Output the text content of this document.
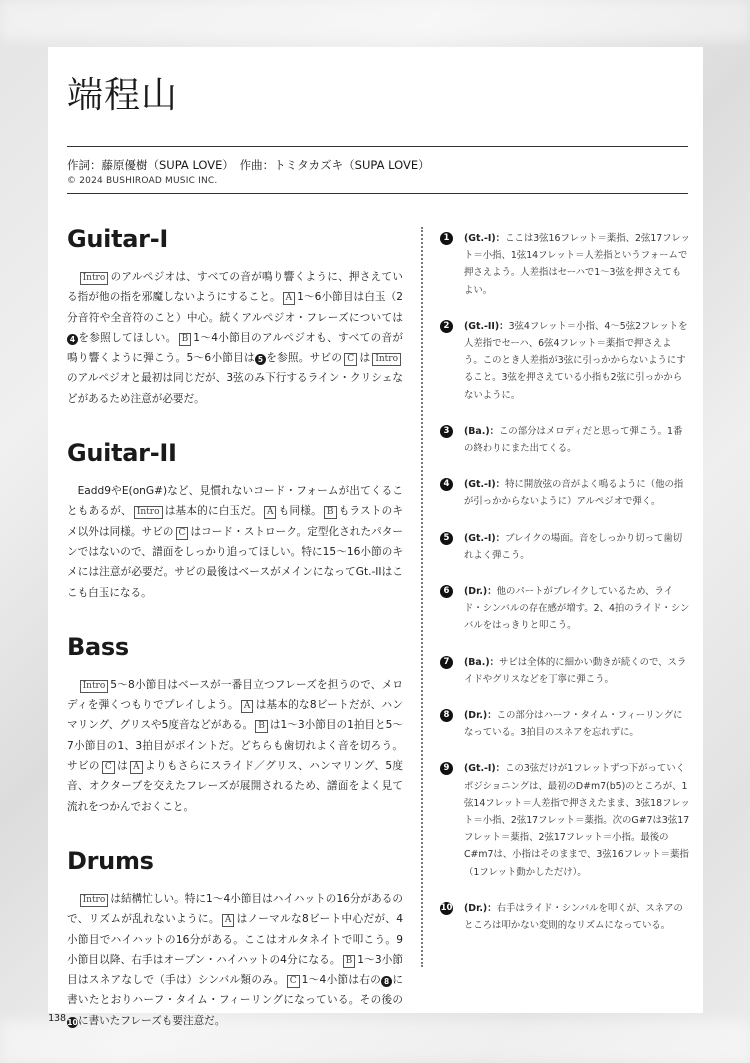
端程山
作詞：藤原優樹（SUPA LOVE）　作曲：トミタカズキ（SUPA LOVE）
© 2024 BUSHIROAD MUSIC INC.
Guitar-I

Intro のアルペジオは、すべての音が鳴り響くように、押さえている指が他の指を邪魔しないようにすること。 A 1～6小節目は白玉（2分音符や全音符のこと）中心。続くアルペジオ・フレーズについては4 を参照してほしい。 B 1～4小節目のアルペジオも、すべての音が鳴り響くように弾こう。5～6小節目は 5 を参照。サビの C は Introのアルペジオと最初は同じだが、3弦のみ下行するライン・クリシェなどがあるため注意が必要だ。

Guitar-II

Eadd9やE(onG#)など、見慣れないコード・フォームが出てくることもあるが、 Intro は基本的に白玉だ。 A も同様。 B もラストのキメ以外は同様。サビの C はコード・ストローク。定型化されたパターンではないので、譜面をしっかり追ってほしい。特に15～16小節のキメには注意が必要だ。サビの最後はベースがメインになってGt.-IIはここも白玉になる。

Bass

Intro 5～8小節目はベースが一番目立つフレーズを担うので、メロディを弾くつもりでプレイしよう。 A は基本的な8ビートだが、ハンマリング、グリスや5度音などがある。 B は1～3小節目の1拍目と5～7小節目の1、3拍目がポイントだ。どちらも歯切れよく音を切ろう。サビの C は A よりもさらにスライド／グリス、ハンマリング、5度音、オクターブを交えたフレーズが展開されるため、譜面をよく見て流れをつかんでおくこと。

Drums

Intro は結構忙しい。特に1～4小節目はハイハットの16分があるので、リズムが乱れないように。 A はノーマルな8ビート中心だが、4小節目でハイハットの16分がある。ここはオルタネイトで叩こう。9小節目以降、右手はオープン・ハイハットの4分になる。 B 1～3小節目はスネアなしで（手は）シンバル類のみ。 C 1～4小節は右の 8 に書いたとおりハーフ・タイム・フィーリングになっている。その後の10に書いたフレーズも要注意だ。

1	(Gt.-I)：ここは3弦16フレット＝薬指、2弦17フレット＝小指、1弦14フレット＝人差指というフォームで押さえよう。人差指はセーハで1～3弦を押さえてもよい。
2	(Gt.-II)：3弦4フレット＝小指、4～5弦2フレットを人差指でセーハ、6弦4フレット＝薬指で押さえよう。このとき人差指が3弦に引っかからないようにすること。3弦を押さえている小指も2弦に引っかからないように。
3	(Ba.)：この部分はメロディだと思って弾こう。1番の終わりにまた出てくる。
4	(Gt.-I)：特に開放弦の音がよく鳴るように（他の指が引っかからないように）アルペジオで弾く。
5	(Gt.-I)：ブレイクの場面。音をしっかり切って歯切れよく弾こう。
6	(Dr.)：他のパートがブレイクしているため、ライド・シンバルの存在感が増す。2、4拍のライド・シンバルをはっきりと叩こう。
7	(Ba.)：サビは全体的に細かい動きが続くので、スライドやグリスなどを丁寧に弾こう。
8	(Dr.)：この部分はハーフ・タイム・フィーリングになっている。3拍目のスネアを忘れずに。
9	(Gt.-I)：この3弦だけが1フレットずつ下がっていくポジショニングは、最初のD#m7(b5)のところが、1弦14フレット＝人差指で押さえたまま、3弦18フレット＝小指、2弦17フレット＝薬指。次のG#7は3弦17フレット＝薬指、2弦17フレット＝小指。最後のC#m7は、小指はそのままで、3弦16フレット＝薬指（1フレット動かしただけ）。
10 (Dr.)：右手はライド・シンバルを叩くが、スネアのところは叩かない変則的なリズムになっている。
138
